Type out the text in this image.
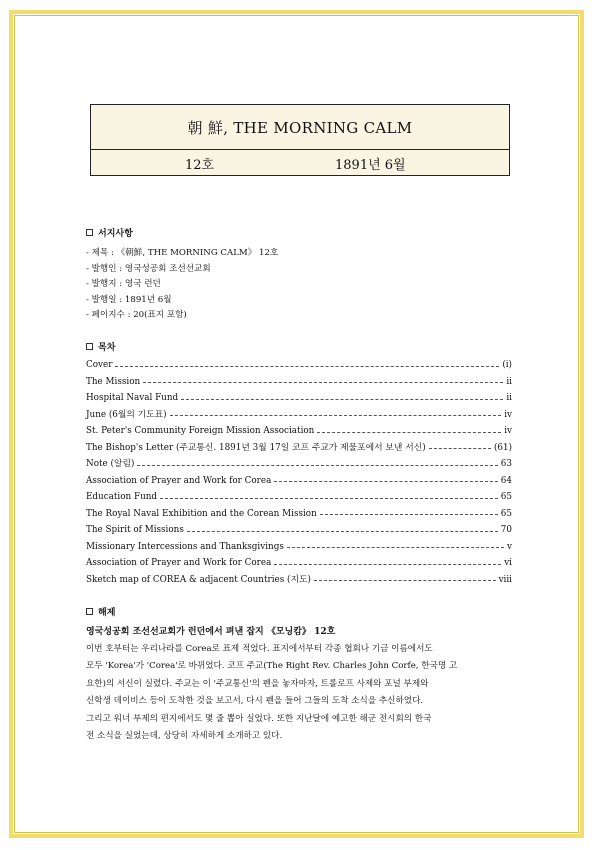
朝 鮮, THE MORNING CALM
12호	1891년 6월
서지사항
- 제목 : 《朝鮮, THE MORNING CALM》 12호
- 발행인 : 영국성공회 조선선교회
- 발행지 : 영국 런던
- 발행일 : 1891년 6월
- 페이지수 : 20(표지 포함)
목차
Cover	(i)
The Mission	ii
Hospital Naval Fund	ii
June (6월의 기도표)	iv
St. Peter's Community Foreign Mission Association	iv
The Bishop's Letter (주교통신. 1891년 3월 17일 코프 주교가 제물포에서 보낸 서신)	(61)
Note (알림)	63
Association of Prayer and Work for Corea	64
Education Fund	65
The Royal Naval Exhibition and the Corean Mission	65
The Spirit of Missions	70
Missionary Intercessions and Thanksgivings	v
Association of Prayer and Work for Corea	vi
Sketch map of COREA & adjacent Countries (지도)	viii
해제
영국성공회 조선선교회가 런던에서 펴낸 잡지 《모닝캄》 12호
이번 호부터는 우리나라를 Corea로 표제 적었다. 표지에서부터 각종 협회나 기금 이름에서도
모두 'Korea'가 'Corea'로 바뀌었다. 코프 주교(The Right Rev. Charles John Corfe, 한국명 고
요한)의 서신이 실렸다. 주교는 이 '주교통신'의 펜을 놓자마자, 트롤로프 사제와 포널 부제와
신학생 데이비스 등이 도착한 것을 보고서, 다시 펜을 들어 그들의 도착 소식을 추신하였다.
그리고 워너 부제의 편지에서도 몇 줄 뽑아 실었다. 또한 지난달에 예고한 해군 전시회의 한국
전 소식을 실었는데, 상당히 자세하게 소개하고 있다.
